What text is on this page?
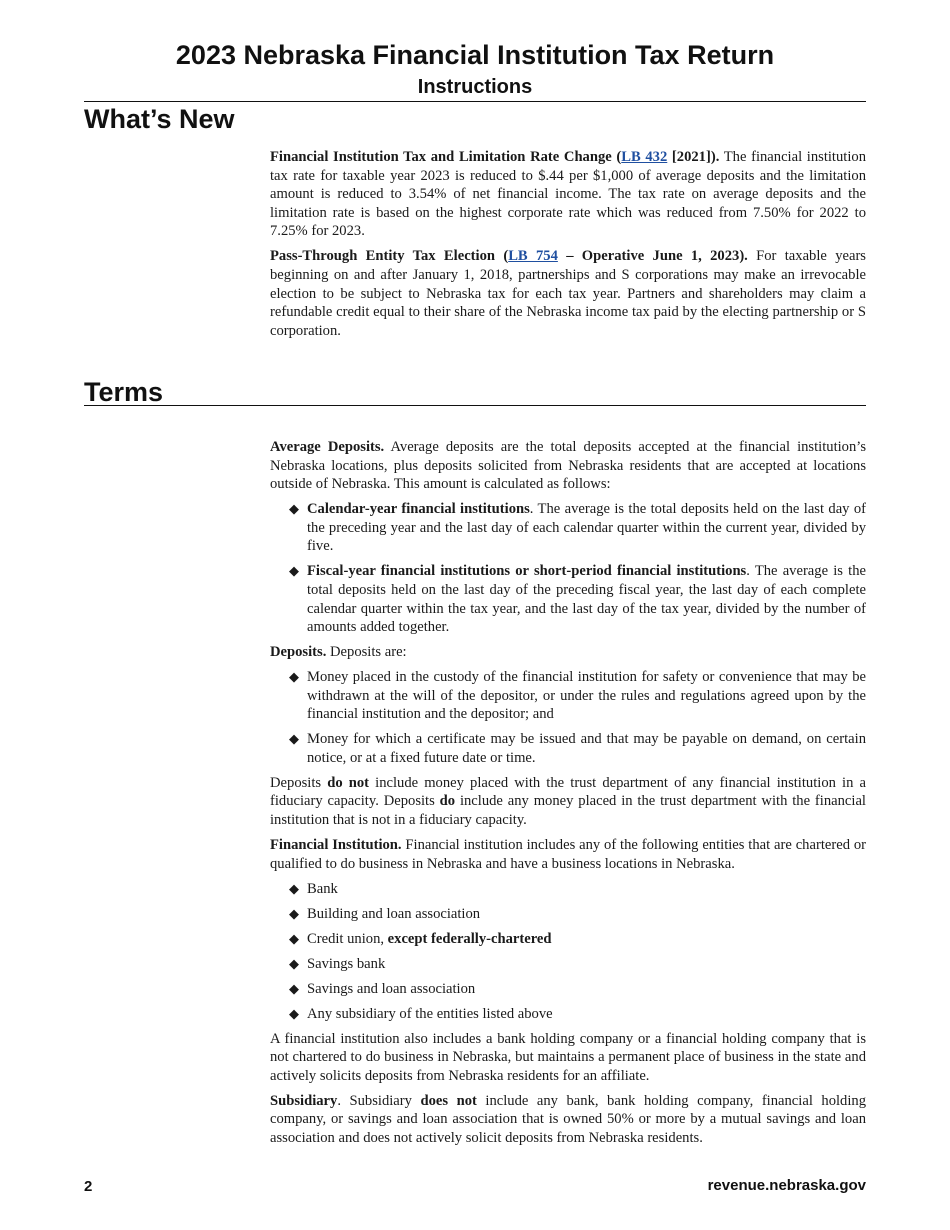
2023 Nebraska Financial Institution Tax Return
Instructions
What’s New

Financial Institution Tax and Limitation Rate Change (LB 432 [2021]). The financial institution tax rate for taxable year 2023 is reduced to $.44 per $1,000 of average deposits and the limitation amount is reduced to 3.54% of net financial income. The tax rate on average deposits and the limitation rate is based on the highest corporate rate which was reduced from 7.50% for 2022 to 7.25% for 2023.

Pass-Through Entity Tax Election (LB 754 – Operative June 1, 2023). For taxable years beginning on and after January 1, 2018, partnerships and S corporations may make an irrevocable election to be subject to Nebraska tax for each tax year. Partners and shareholders may claim a refundable credit equal to their share of the Nebraska income tax paid by the electing partnership or S corporation.

Terms

Average Deposits. Average deposits are the total deposits accepted at the financial institution’s Nebraska locations, plus deposits solicited from Nebraska residents that are accepted at locations outside of Nebraska. This amount is calculated as follows:

◆ Calendar-year financial institutions. The average is the total deposits held on the last day of the preceding year and the last day of each calendar quarter within the current year, divided by five.
◆ Fiscal-year financial institutions or short-period financial institutions. The average is the total deposits held on the last day of the preceding fiscal year, the last day of each complete calendar quarter within the tax year, and the last day of the tax year, divided by the number of amounts added together.

Deposits. Deposits are:

◆ Money placed in the custody of the financial institution for safety or convenience that may be withdrawn at the will of the depositor, or under the rules and regulations agreed upon by the financial institution and the depositor; and
◆ Money for which a certificate may be issued and that may be payable on demand, on certain notice, or at a fixed future date or time.

Deposits do not include money placed with the trust department of any financial institution in a fiduciary capacity. Deposits do include any money placed in the trust department with the financial institution that is not in a fiduciary capacity.

Financial Institution. Financial institution includes any of the following entities that are chartered or qualified to do business in Nebraska and have a business locations in Nebraska.

◆ Bank
◆ Building and loan association
◆ Credit union, except federally-chartered
◆ Savings bank
◆ Savings and loan association
◆ Any subsidiary of the entities listed above

A financial institution also includes a bank holding company or a financial holding company that is not chartered to do business in Nebraska, but maintains a permanent place of business in the state and actively solicits deposits from Nebraska residents for an affiliate.

Subsidiary. Subsidiary does not include any bank, bank holding company, financial holding company, or savings and loan association that is owned 50% or more by a mutual savings and loan association and does not actively solicit deposits from Nebraska residents.

2	revenue.nebraska.gov
